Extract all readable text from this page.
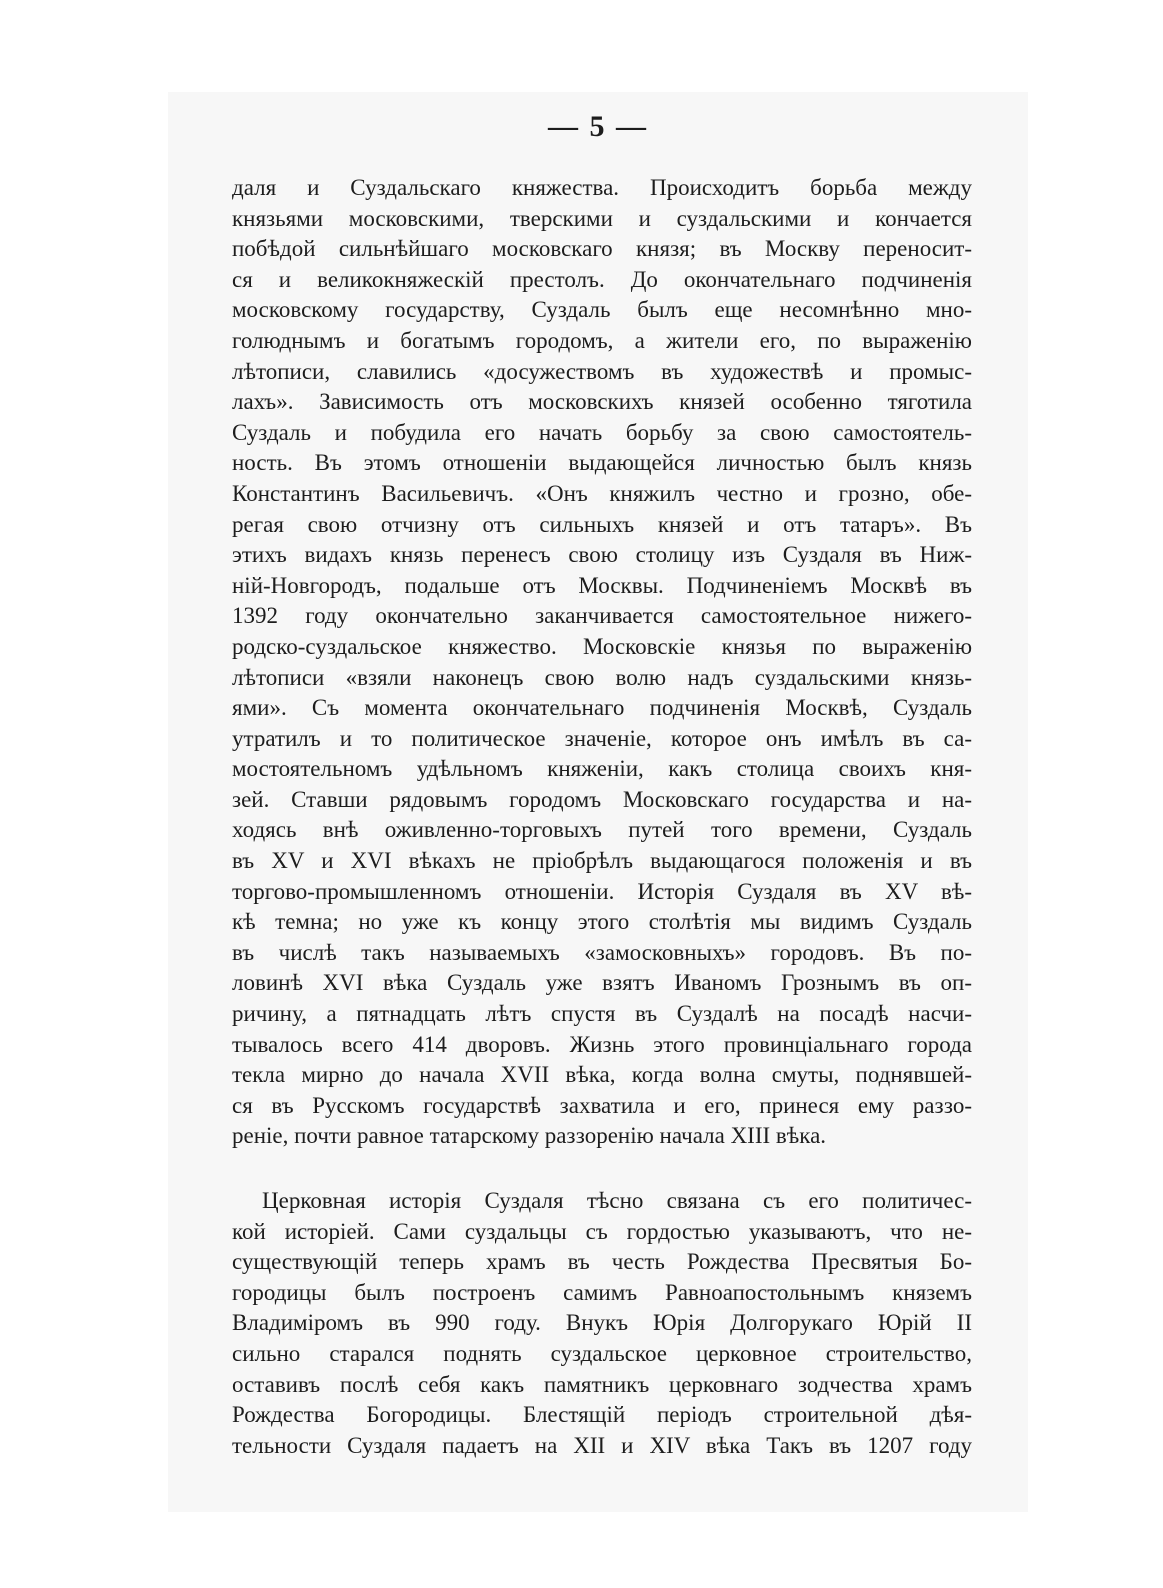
— 5 —
даля и Суздальскаго княжества. Происходитъ борьба между
князьями московскими, тверскими и суздальскими и кончается
побѣдой сильнѣйшаго московскаго князя; въ Москву переносит-
ся и великокняжескій престолъ. До окончательнаго подчиненія
московскому государству, Суздаль былъ еще несомнѣнно мно-
голюднымъ и богатымъ городомъ, а жители его, по выраженію
лѣтописи, славились «досужествомъ въ художествѣ и промыс-
лахъ». Зависимость отъ московскихъ князей особенно тяготила
Суздаль и побудила его начать борьбу за свою самостоятель-
ность. Въ этомъ отношеніи выдающейся личностью былъ князь
Константинъ Васильевичъ. «Онъ княжилъ честно и грозно, обе-
регая свою отчизну отъ сильныхъ князей и отъ татаръ». Въ
этихъ видахъ князь перенесъ свою столицу изъ Суздаля въ Ниж-
ній-Новгородъ, подальше отъ Москвы. Подчиненіемъ Москвѣ въ
1392 году окончательно заканчивается самостоятельное нижего-
родско-суздальское княжество. Московскіе князья по выраженію
лѣтописи «взяли наконецъ свою волю надъ суздальскими князь-
ями». Съ момента окончательнаго подчиненія Москвѣ, Суздаль
утратилъ и то политическое значеніе, которое онъ имѣлъ въ са-
мостоятельномъ удѣльномъ княженіи, какъ столица своихъ кня-
зей. Ставши рядовымъ городомъ Московскаго государства и на-
ходясь внѣ оживленно-торговыхъ путей того времени, Суздаль
въ XV и XVI вѣкахъ не пріобрѣлъ выдающагося положенія и въ
торгово-промышленномъ отношеніи. Исторія Суздаля въ XV вѣ-
кѣ темна; но уже къ концу этого столѣтія мы видимъ Суздаль
въ числѣ такъ называемыхъ «замосковныхъ» городовъ. Въ по-
ловинѣ XVI вѣка Суздаль уже взятъ Иваномъ Грознымъ въ оп-
ричину, а пятнадцать лѣтъ спустя въ Суздалѣ на посадѣ насчи-
тывалось всего 414 дворовъ. Жизнь этого провинціальнаго города
текла мирно до начала XVII вѣка, когда волна смуты, поднявшей-
ся въ Русскомъ государствѣ захватила и его, принеся ему раззо-
реніе, почти равное татарскому раззоренію начала XIII вѣка.
Церковная исторія Суздаля тѣсно связана съ его политичес-
кой исторіей. Сами суздальцы съ гордостью указываютъ, что не-
существующій теперь храмъ въ честь Рождества Пресвятыя Бо-
городицы былъ построенъ самимъ Равноапостольнымъ княземъ
Владиміромъ въ 990 году. Внукъ Юрія Долгорукаго Юрій II
сильно старался поднять суздальское церковное строительство,
оставивъ послѣ себя какъ памятникъ церковнаго зодчества храмъ
Рождества Богородицы. Блестящій періодъ строительной дѣя-
тельности Суздаля падаетъ на XII и XIV вѣка Такъ въ 1207 году
